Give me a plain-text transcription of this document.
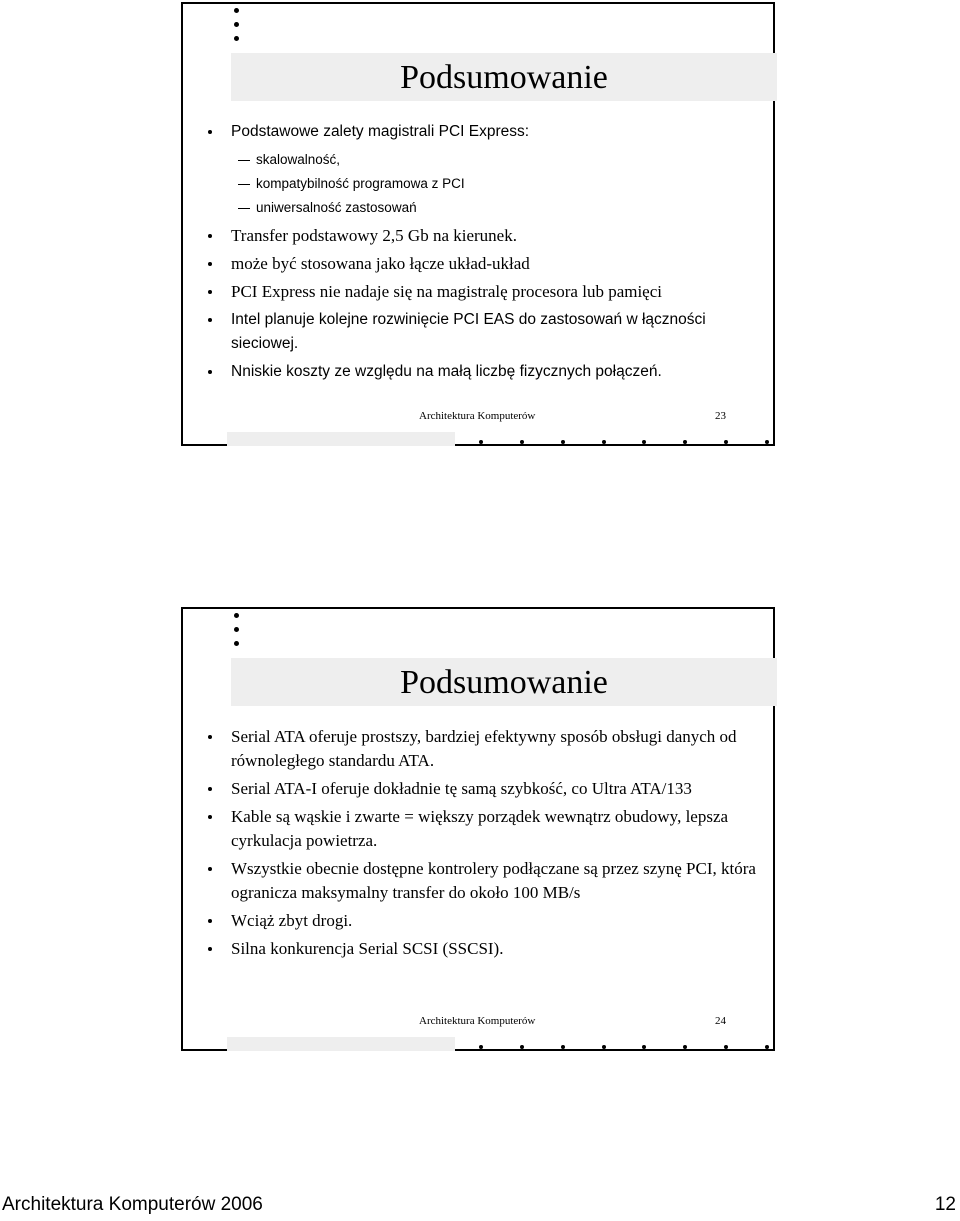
Podsumowanie
Podstawowe zalety magistrali PCI Express:
skalowalność,
kompatybilność programowa z PCI
uniwersalność zastosowań
Transfer podstawowy 2,5 Gb na kierunek.
może być stosowana jako łącze układ-układ
PCI Express nie nadaje się na magistralę procesora lub pamięci
Intel planuje kolejne rozwinięcie PCI EAS do zastosowań w łączności sieciowej.
Nniskie koszty ze względu na małą liczbę fizycznych połączeń.
Architektura Komputerów	23
Podsumowanie
Serial ATA oferuje prostszy, bardziej efektywny sposób obsługi danych od równoległego standardu ATA.
Serial ATA-I oferuje dokładnie tę samą szybkość, co Ultra ATA/133
Kable są wąskie i zwarte = większy porządek wewnątrz obudowy, lepsza cyrkulacja powietrza.
Wszystkie obecnie dostępne kontrolery podłączane są przez szynę PCI, która ogranicza maksymalny transfer do około 100 MB/s
Wciąż zbyt drogi.
Silna konkurencja Serial SCSI (SSCSI).
Architektura Komputerów	24
Architektura Komputerów 2006	12
